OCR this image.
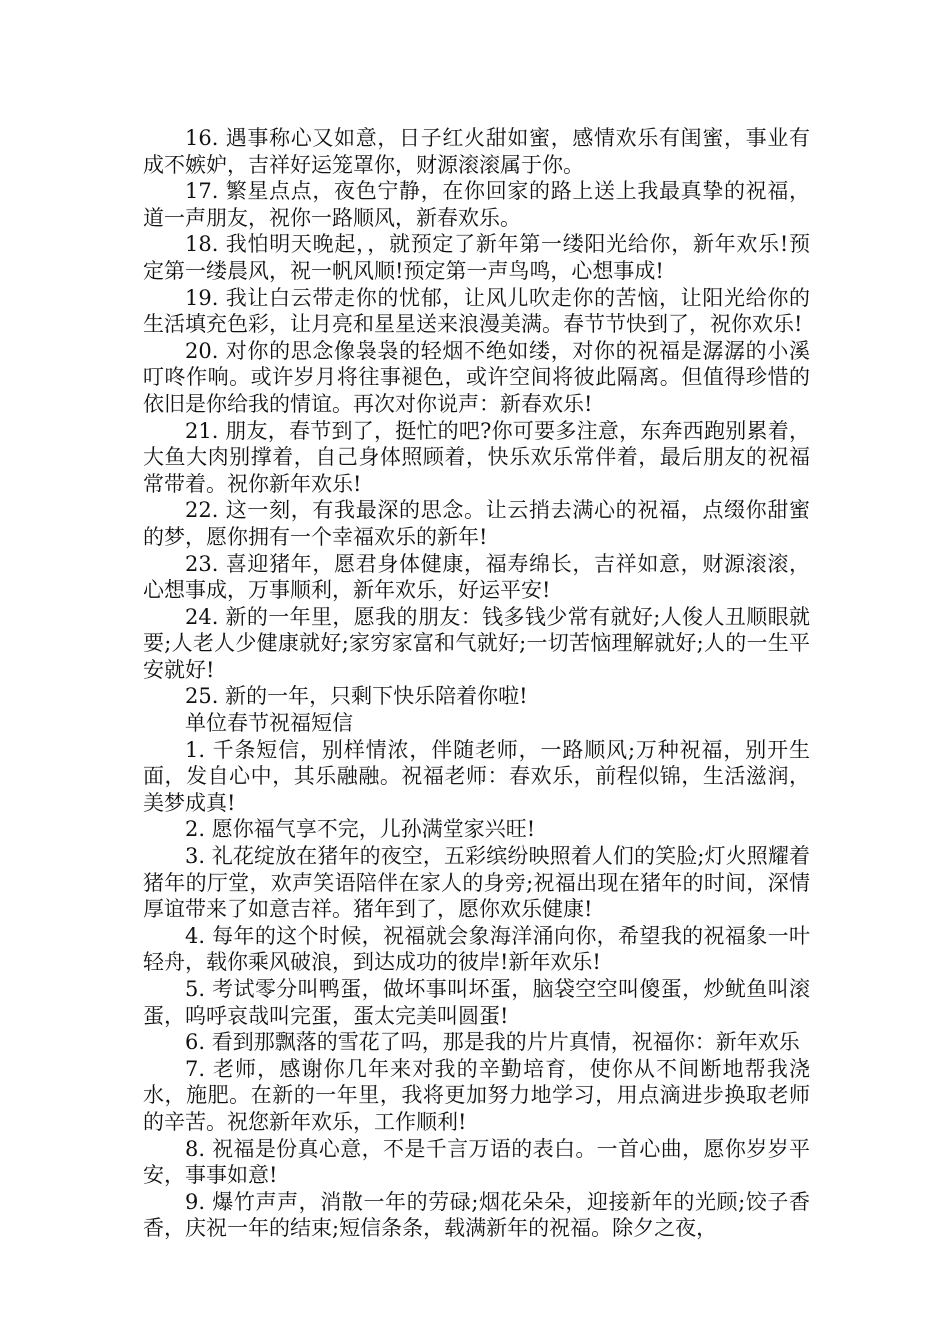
16. 遇事称心又如意，日子红火甜如蜜，感情欢乐有闺蜜，事业有成不嫉妒，吉祥好运笼罩你，财源滚滚属于你。

17. 繁星点点，夜色宁静，在你回家的路上送上我最真挚的祝福，道一声朋友，祝你一路顺风，新春欢乐。

18. 我怕明天晚起，，就预定了新年第一缕阳光给你，新年欢乐!预定第一缕晨风，祝一帆风顺!预定第一声鸟鸣，心想事成!

19. 我让白云带走你的忧郁，让风儿吹走你的苦恼，让阳光给你的生活填充色彩，让月亮和星星送来浪漫美满。春节节快到了，祝你欢乐!

20. 对你的思念像袅袅的轻烟不绝如缕，对你的祝福是潺潺的小溪叮咚作响。或许岁月将往事褪色，或许空间将彼此隔离。但值得珍惜的依旧是你给我的情谊。再次对你说声：新春欢乐!

21. 朋友，春节到了，挺忙的吧?你可要多注意，东奔西跑别累着，大鱼大肉别撑着，自己身体照顾着，快乐欢乐常伴着，最后朋友的祝福常带着。祝你新年欢乐!

22. 这一刻，有我最深的思念。让云捎去满心的祝福，点缀你甜蜜的梦，愿你拥有一个幸福欢乐的新年!

23. 喜迎猪年，愿君身体健康，福寿绵长，吉祥如意，财源滚滚，心想事成，万事顺利，新年欢乐，好运平安!

24. 新的一年里，愿我的朋友：钱多钱少常有就好;人俊人丑顺眼就要;人老人少健康就好;家穷家富和气就好;一切苦恼理解就好;人的一生平安就好!

25. 新的一年，只剩下快乐陪着你啦!

单位春节祝福短信

1. 千条短信，别样情浓，伴随老师，一路顺风;万种祝福，别开生面，发自心中，其乐融融。祝福老师：春欢乐，前程似锦，生活滋润，美梦成真!

2. 愿你福气享不完，儿孙满堂家兴旺!

3. 礼花绽放在猪年的夜空，五彩缤纷映照着人们的笑脸;灯火照耀着猪年的厅堂，欢声笑语陪伴在家人的身旁;祝福出现在猪年的时间，深情厚谊带来了如意吉祥。猪年到了，愿你欢乐健康!

4. 每年的这个时候，祝福就会象海洋涌向你，希望我的祝福象一叶轻舟，载你乘风破浪，到达成功的彼岸!新年欢乐!

5. 考试零分叫鸭蛋，做坏事叫坏蛋，脑袋空空叫傻蛋，炒鱿鱼叫滚蛋，呜呼哀哉叫完蛋，蛋太完美叫圆蛋!

6. 看到那飘落的雪花了吗，那是我的片片真情，祝福你：新年欢乐

7. 老师，感谢你几年来对我的辛勤培育，使你从不间断地帮我浇水，施肥。在新的一年里，我将更加努力地学习，用点滴进步换取老师的辛苦。祝您新年欢乐，工作顺利!

8. 祝福是份真心意，不是千言万语的表白。一首心曲，愿你岁岁平安，事事如意!

9. 爆竹声声，消散一年的劳碌;烟花朵朵，迎接新年的光顾;饺子香香，庆祝一年的结束;短信条条，载满新年的祝福。除夕之夜，
